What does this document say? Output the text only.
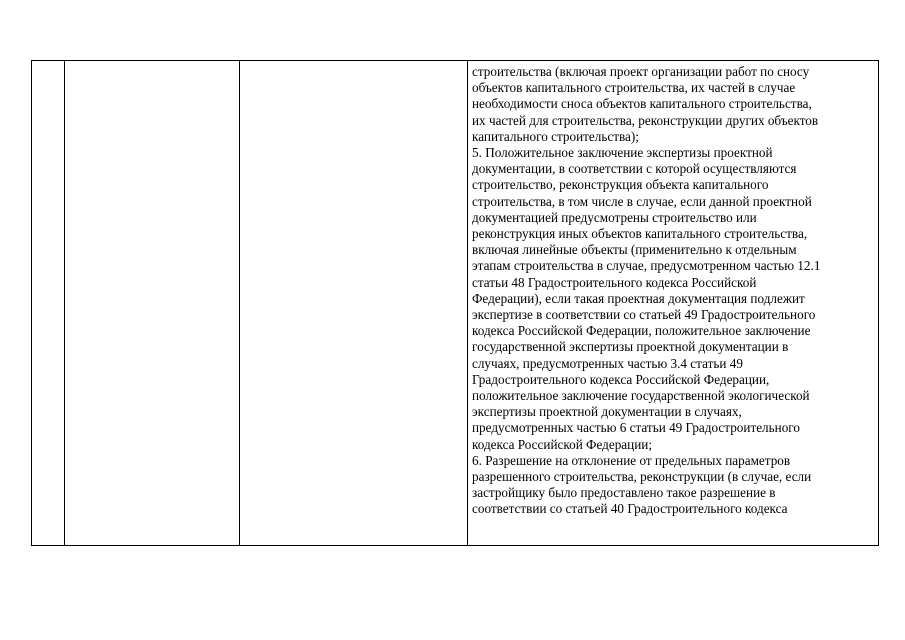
строительства (включая проект организации работ по сносу
объектов капитального строительства, их частей в случае
необходимости сноса объектов капитального строительства,
их частей для строительства, реконструкции других объектов
капитального строительства);
5. Положительное заключение экспертизы проектной
документации, в соответствии с которой осуществляются
строительство, реконструкция объекта капитального
строительства, в том числе в случае, если данной проектной
документацией предусмотрены строительство или
реконструкция иных объектов капитального строительства,
включая линейные объекты (применительно к отдельным
этапам строительства в случае, предусмотренном частью 12.1
статьи 48 Градостроительного кодекса Российской
Федерации), если такая проектная документация подлежит
экспертизе в соответствии со статьей 49 Градостроительного
кодекса Российской Федерации, положительное заключение
государственной экспертизы проектной документации в
случаях, предусмотренных частью 3.4 статьи 49
Градостроительного кодекса Российской Федерации,
положительное заключение государственной экологической
экспертизы проектной документации в случаях,
предусмотренных частью 6 статьи 49 Градостроительного
кодекса Российской Федерации;
6. Разрешение на отклонение от предельных параметров
разрешенного строительства, реконструкции (в случае, если
застройщику было предоставлено такое разрешение в
соответствии со статьей 40 Градостроительного кодекса
